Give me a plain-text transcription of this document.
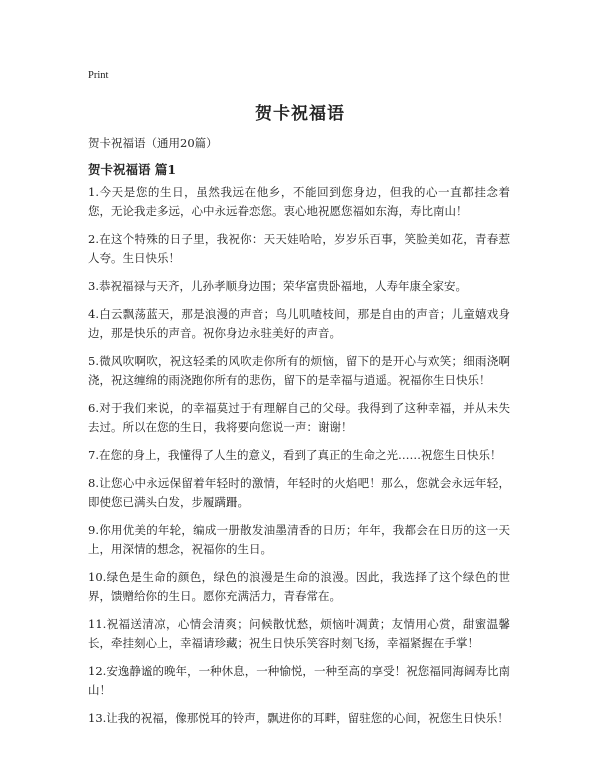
Print
贺卡祝福语
贺卡祝福语（通用20篇）
贺卡祝福语 篇1

1.今天是您的生日，虽然我远在他乡，不能回到您身边，但我的心一直都挂念着您，无论我走多远，心中永远眷恋您。衷心地祝愿您福如东海，寿比南山！

2.在这个特殊的日子里，我祝你：天天娃哈哈，岁岁乐百事，笑脸美如花，青春惹人夸。生日快乐！

3.恭祝福禄与天齐，儿孙孝顺身边围；荣华富贵卧福地，人寿年康全家安。

4.白云飘荡蓝天，那是浪漫的声音；鸟儿叽喳枝间，那是自由的声音；儿童嬉戏身边，那是快乐的声音。祝你身边永驻美好的声音。

5.微风吹啊吹，祝这轻柔的风吹走你所有的烦恼，留下的是开心与欢笑；细雨浇啊浇，祝这缠绵的雨浇跑你所有的悲伤，留下的是幸福与逍遥。祝福你生日快乐！

6.对于我们来说，的幸福莫过于有理解自己的父母。我得到了这种幸福，并从未失去过。所以在您的生日，我将要向您说一声：谢谢！

7.在您的身上，我懂得了人生的意义，看到了真正的生命之光……祝您生日快乐！

8.让您心中永远保留着年轻时的激情，年轻时的火焰吧！那么，您就会永远年轻，即使您已满头白发，步履蹒跚。

9.你用优美的年轮，编成一册散发油墨清香的日历；年年，我都会在日历的这一天上，用深情的想念，祝福你的生日。

10.绿色是生命的颜色，绿色的浪漫是生命的浪漫。因此，我选择了这个绿色的世界，馈赠给你的生日。愿你充满活力，青春常在。

11.祝福送清凉，心情会清爽；问候散忧愁，烦恼叶凋黄；友情用心赏，甜蜜温馨长，牵挂刻心上，幸福请珍藏；祝生日快乐笑容时刻飞扬，幸福紧握在手掌！

12.安逸静谧的晚年，一种休息，一种愉悦，一种至高的享受！祝您福同海阔寿比南山！

13.让我的祝福，像那悦耳的铃声，飘进你的耳畔，留驻您的心间，祝您生日快乐！
